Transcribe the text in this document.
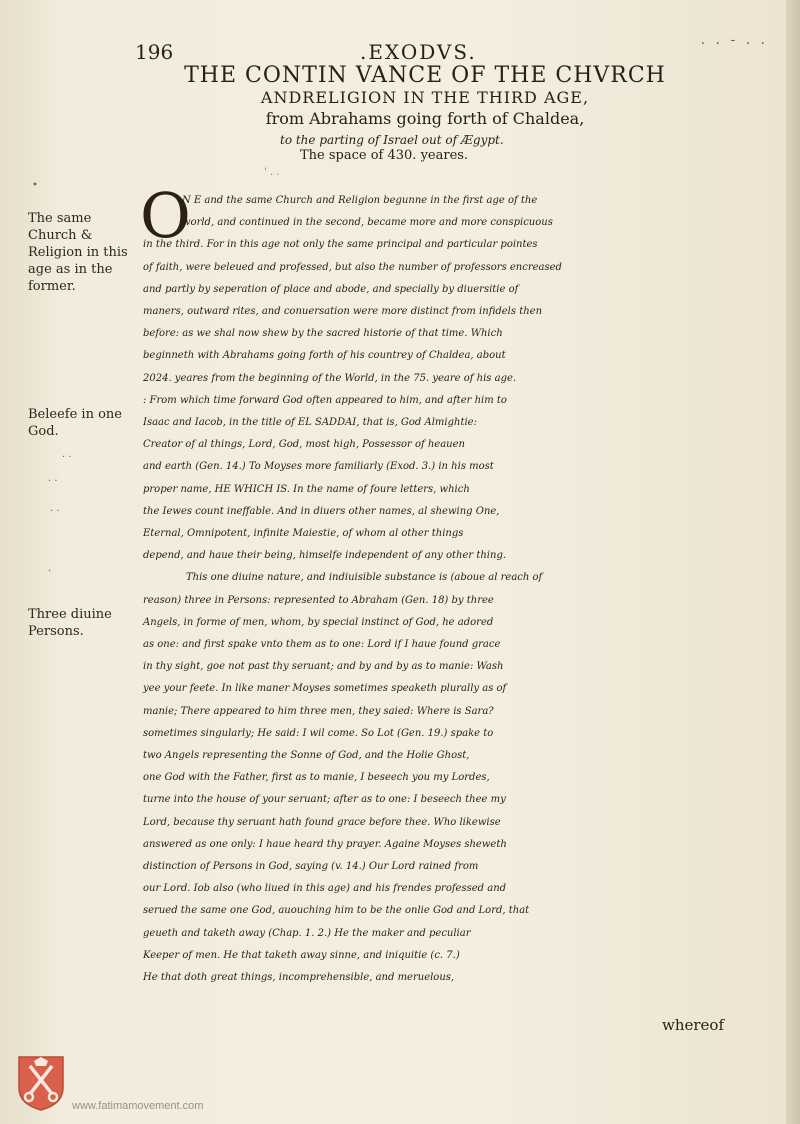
. . - . .
196	.EXODVS.
THE CONTIN VANCE OF THE CHVRCH
ANDRELIGION IN THE THIRD AGE,
from Abrahams going forth of Chaldea,
to the parting of Israel out of Ægypt.
The space of 430. yeares.
' . .
O
N E and the same Church and Religion begunne in the first age of the
world, and continued in the second, became more and more conspicuous
in the third. For in this age not only the same principal and particular pointes
of faith, were beleued and professed, but also the number of professors encreased
and partly by seperation of place and abode, and specially by diuersitie of
maners, outward rites, and conuersation were more distinct from infidels then
before: as we shal now shew by the sacred historie of that time. Which
beginneth with Abrahams going forth of his countrey of Chaldea, about
2024. yeares from the beginning of the World, in the 75. yeare of his age.
: From which time forward God often appeared to him, and after him to
Isaac and Iacob, in the title of EL SADDAI, that is, God Almightie:
Creator of al things, Lord, God, most high, Possessor of heauen
and earth (Gen. 14.) To Moyses more familiarly (Exod. 3.) in his most
proper name, HE WHICH IS. In the name of foure letters, which
the Iewes count ineffable. And in diuers other names, al shewing One,
Eternal, Omnipotent, infinite Maiestie, of whom al other things
depend, and haue their being, himselfe independent of any other thing.
This one diuine nature, and indiuisible substance is (aboue al reach of
reason) three in Persons: represented to Abraham (Gen. 18) by three
Angels, in forme of men, whom, by special instinct of God, he adored
as one: and first spake vnto them as to one: Lord if I haue found grace
in thy sight, goe not past thy seruant; and by and by as to manie: Wash
yee your feete. In like maner Moyses sometimes speaketh plurally as of
manie; There appeared to him three men, they saied: Where is Sara?
sometimes singularly; He said: I wil come. So Lot (Gen. 19.) spake to
two Angels representing the Sonne of God, and the Holie Ghost,
one God with the Father, first as to manie, I beseech you my Lordes,
turne into the house of your seruant; after as to one: I beseech thee my
Lord, because thy seruant hath found grace before thee. Who likewise
answered as one only: I haue heard thy prayer. Againe Moyses sheweth
distinction of Persons in God, saying (v. 14.) Our Lord rained from
our Lord. Iob also (who liued in this age) and his frendes professed and
serued the same one God, auouching him to be the onlie God and Lord, that
geueth and taketh away (Chap. 1. 2.) He the maker and peculiar
Keeper of men. He that taketh away sinne, and iniquitie (c. 7.)
He that doth great things, incomprehensible, and meruelous,
The same Church & Religion in this age as in the former.
Beleefe in one God.
Three diuine Persons.
•
· ·
· ·
· ·
·
whereof
www.fatimamovement.com
